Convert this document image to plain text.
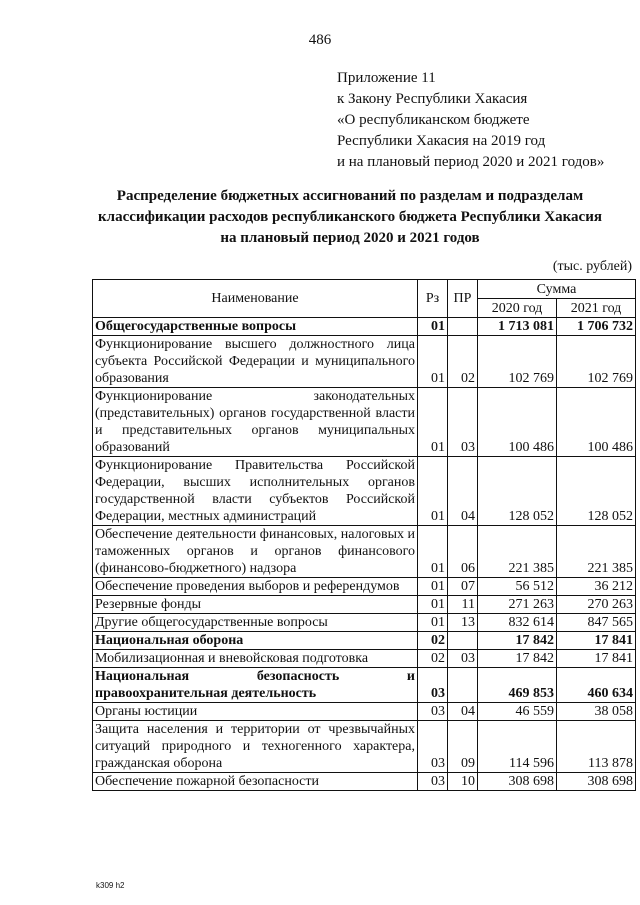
486
Приложение 11
к Закону Республики Хакасия
«О республиканском бюджете
Республики Хакасия на 2019 год
и на плановый период 2020 и 2021 годов»
Распределение бюджетных ассигнований по разделам и подразделам
классификации расходов республиканского бюджета Республики Хакасия
на плановый период 2020 и 2021 годов
(тыс. рублей)
Наименование	Рз	ПР	Сумма	
			2020 год	2021 год
Общегосударственные вопросы	01		1 713 081	1 706 732
Функционирование высшего должностного лица субъекта Российской Федерации и муниципального образования	01	02	102 769	102 769
Функционирование законодательных (представительных) органов государственной власти и представительных органов муниципальных образований	01	03	100 486	100 486
Функционирование Правительства Российской Федерации, высших исполнительных органов государственной власти субъектов Российской Федерации, местных администраций	01	04	128 052	128 052
Обеспечение деятельности финансовых, налоговых и таможенных органов и органов финансового (финансово-бюджетного) надзора	01	06	221 385	221 385
Обеспечение проведения выборов и референдумов	01	07	56 512	36 212
Резервные фонды	01	11	271 263	270 263
Другие общегосударственные вопросы	01	13	832 614	847 565
Национальная оборона	02		17 842	17 841
Мобилизационная и вневойсковая подготовка	02	03	17 842	17 841
Национальная безопасность и правоохранительная деятельность	03		469 853	460 634
Органы юстиции	03	04	46 559	38 058
Защита населения и территории от чрезвычайных ситуаций природного и техногенного характера, гражданская оборона	03	09	114 596	113 878
Обеспечение пожарной безопасности	03	10	308 698	308 698
k309 h2
